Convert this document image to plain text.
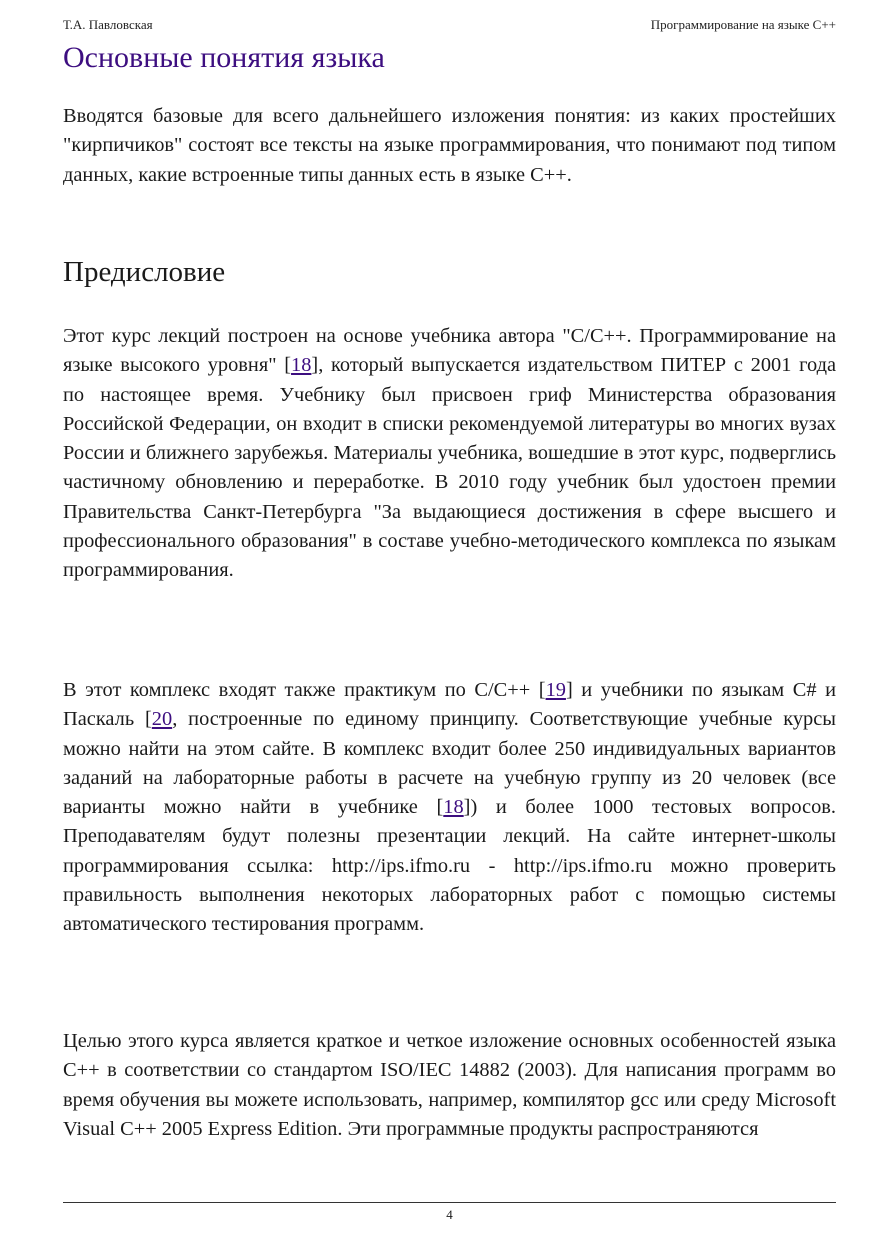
Т.А. Павловская	Программирование на языке С++
Основные понятия языка

Вводятся базовые для всего дальнейшего изложения понятия: из каких простейших "кирпичиков" состоят все тексты на языке программирования, что понимают под типом данных, какие встроенные типы данных есть в языке С++.

Предисловие

Этот курс лекций построен на основе учебника автора "C/C++. Программирование на языке высокого уровня" [18], который выпускается издательством ПИТЕР с 2001 года по настоящее время. Учебнику был присвоен гриф Министерства образования Российской Федерации, он входит в списки рекомендуемой литературы во многих вузах России и ближнего зарубежья. Материалы учебника, вошедшие в этот курс, подверглись частичному обновлению и переработке. В 2010 году учебник был удостоен премии Правительства Санкт-Петербурга "За выдающиеся достижения в сфере высшего и профессионального образования" в составе учебно-методического комплекса по языкам программирования.

В этот комплекс входят также практикум по C/C++ [19] и учебники по языкам C# и Паскаль [20, построенные по единому принципу. Соответствующие учебные курсы можно найти на этом сайте. В комплекс входит более 250 индивидуальных вариантов заданий на лабораторные работы в расчете на учебную группу из 20 человек (все варианты можно найти в учебнике [18]) и более 1000 тестовых вопросов. Преподавателям будут полезны презентации лекций. На сайте интернет-школы программирования ссылка: http://ips.ifmo.ru - http://ips.ifmo.ru можно проверить правильность выполнения некоторых лабораторных работ с помощью системы автоматического тестирования программ.

Целью этого курса является краткое и четкое изложение основных особенностей языка С++ в соответствии со стандартом ISO/IEC 14882 (2003). Для написания программ во время обучения вы можете использовать, например, компилятор gcc или среду Microsoft Visual C++ 2005 Express Edition. Эти программные продукты распространяются

4
